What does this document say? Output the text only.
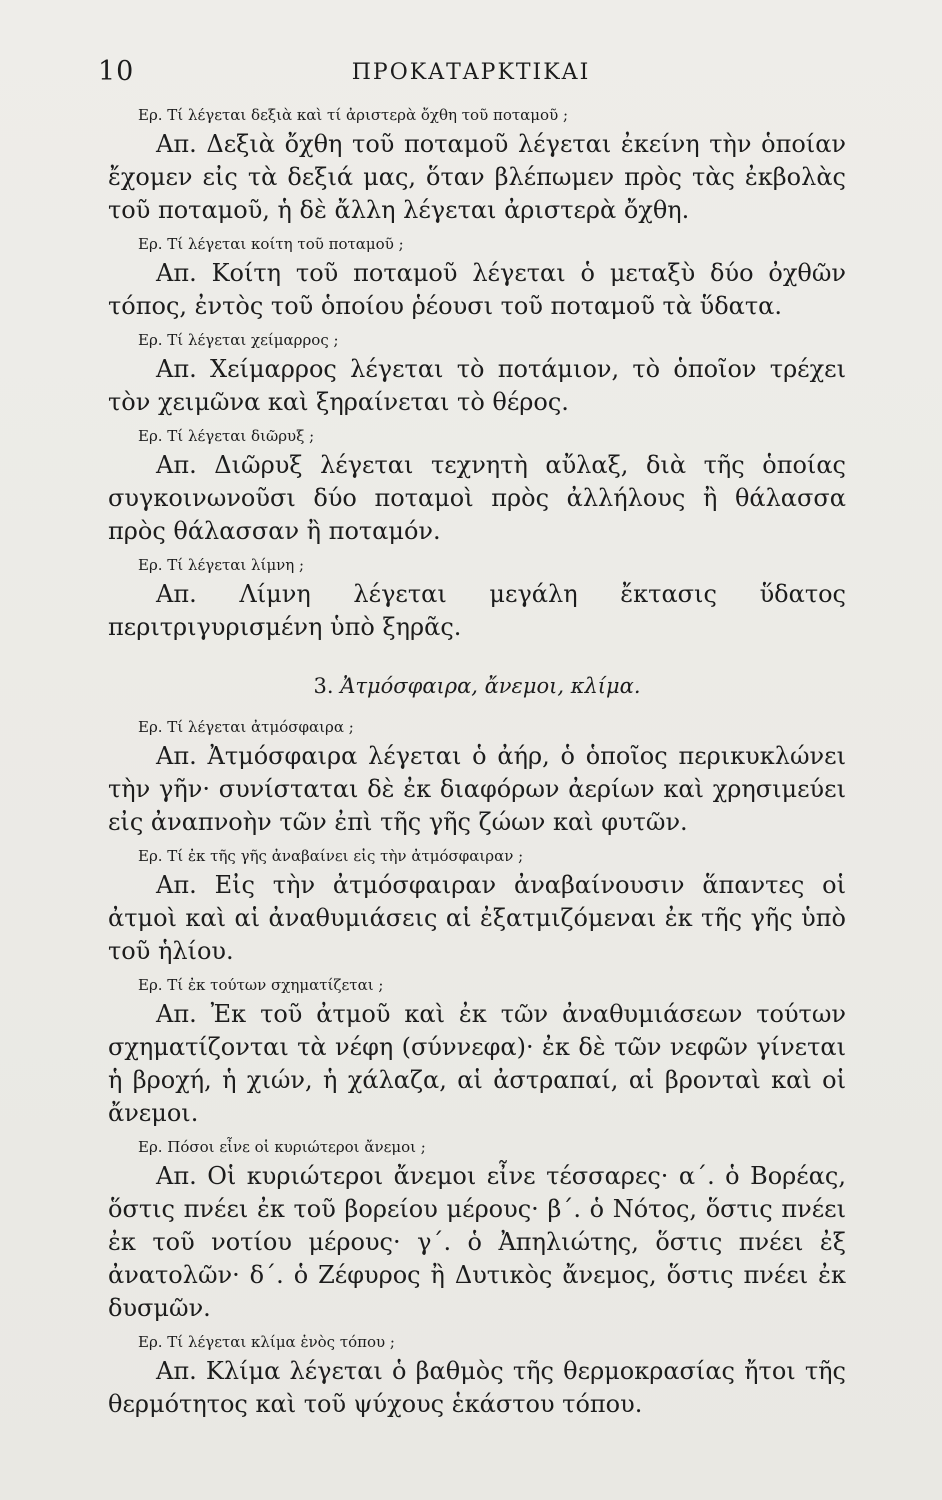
10	ΠΡΟΚΑΤΑΡΚΤΙΚΑΙ

Ερ. Τί λέγεται δεξιὰ καὶ τί ἀριστερὰ ὄχθη τοῦ ποταμοῦ ;

Απ. Δεξιὰ ὄχθη τοῦ ποταμοῦ λέγεται ἐκείνη τὴν ὁποίαν ἔχομεν εἰς τὰ δεξιά μας, ὅταν βλέπωμεν πρὸς τὰς ἐκβολὰς τοῦ ποταμοῦ, ἡ δὲ ἄλλη λέγεται ἀριστερὰ ὄχθη.

Ερ. Τί λέγεται κοίτη τοῦ ποταμοῦ ;

Απ. Κοίτη τοῦ ποταμοῦ λέγεται ὁ μεταξὺ δύο ὀχθῶν τόπος, ἐντὸς τοῦ ὁποίου ῥέουσι τοῦ ποταμοῦ τὰ ὕδατα.

Ερ. Τί λέγεται χείμαρρος ;

Απ. Χείμαρρος λέγεται τὸ ποτάμιον, τὸ ὁποῖον τρέχει τὸν χειμῶνα καὶ ξηραίνεται τὸ θέρος.

Ερ. Τί λέγεται διῶρυξ ;

Απ. Διῶρυξ λέγεται τεχνητὴ αὔλαξ, διὰ τῆς ὁποίας συγκοινωνοῦσι δύο ποταμοὶ πρὸς ἀλλήλους ἢ θάλασσα πρὸς θάλασσαν ἢ ποταμόν.

Ερ. Τί λέγεται λίμνη ;

Απ. Λίμνη λέγεται μεγάλη ἔκτασις ὕδατος περιτριγυρισμένη ὑπὸ ξηρᾶς.

3. Ἀτμόσφαιρα, ἄνεμοι, κλίμα.

Ερ. Τί λέγεται ἀτμόσφαιρα ;

Απ. Ἀτμόσφαιρα λέγεται ὁ ἀήρ, ὁ ὁποῖος περικυκλώνει τὴν γῆν· συνίσταται δὲ ἐκ διαφόρων ἀερίων καὶ χρησιμεύει εἰς ἀναπνοὴν τῶν ἐπὶ τῆς γῆς ζώων καὶ φυτῶν.

Ερ. Τί ἐκ τῆς γῆς ἀναβαίνει εἰς τὴν ἀτμόσφαιραν ;

Απ. Εἰς τὴν ἀτμόσφαιραν ἀναβαίνουσιν ἅπαντες οἱ ἀτμοὶ καὶ αἱ ἀναθυμιάσεις αἱ ἐξατμιζόμεναι ἐκ τῆς γῆς ὑπὸ τοῦ ἡλίου.

Ερ. Τί ἐκ τούτων σχηματίζεται ;

Απ. Ἐκ τοῦ ἀτμοῦ καὶ ἐκ τῶν ἀναθυμιάσεων τούτων σχηματίζονται τὰ νέφη (σύννεφα)· ἐκ δὲ τῶν νεφῶν γίνεται ἡ βροχή, ἡ χιών, ἡ χάλαζα, αἱ ἀστραπαί, αἱ βρονταὶ καὶ οἱ ἄνεμοι.

Ερ. Πόσοι εἶνε οἱ κυριώτεροι ἄνεμοι ;

Απ. Οἱ κυριώτεροι ἄνεμοι εἶνε τέσσαρες· α΄. ὁ Βορέας, ὅστις πνέει ἐκ τοῦ βορείου μέρους· β΄. ὁ Νότος, ὅστις πνέει ἐκ τοῦ νοτίου μέρους· γ΄. ὁ Ἀπηλιώτης, ὅστις πνέει ἐξ ἀνατολῶν· δ΄. ὁ Ζέφυρος ἢ Δυτικὸς ἄνεμος, ὅστις πνέει ἐκ δυσμῶν.

Ερ. Τί λέγεται κλίμα ἑνὸς τόπου ;

Απ. Κλίμα λέγεται ὁ βαθμὸς τῆς θερμοκρασίας ἤτοι τῆς θερμότητος καὶ τοῦ ψύχους ἑκάστου τόπου.
